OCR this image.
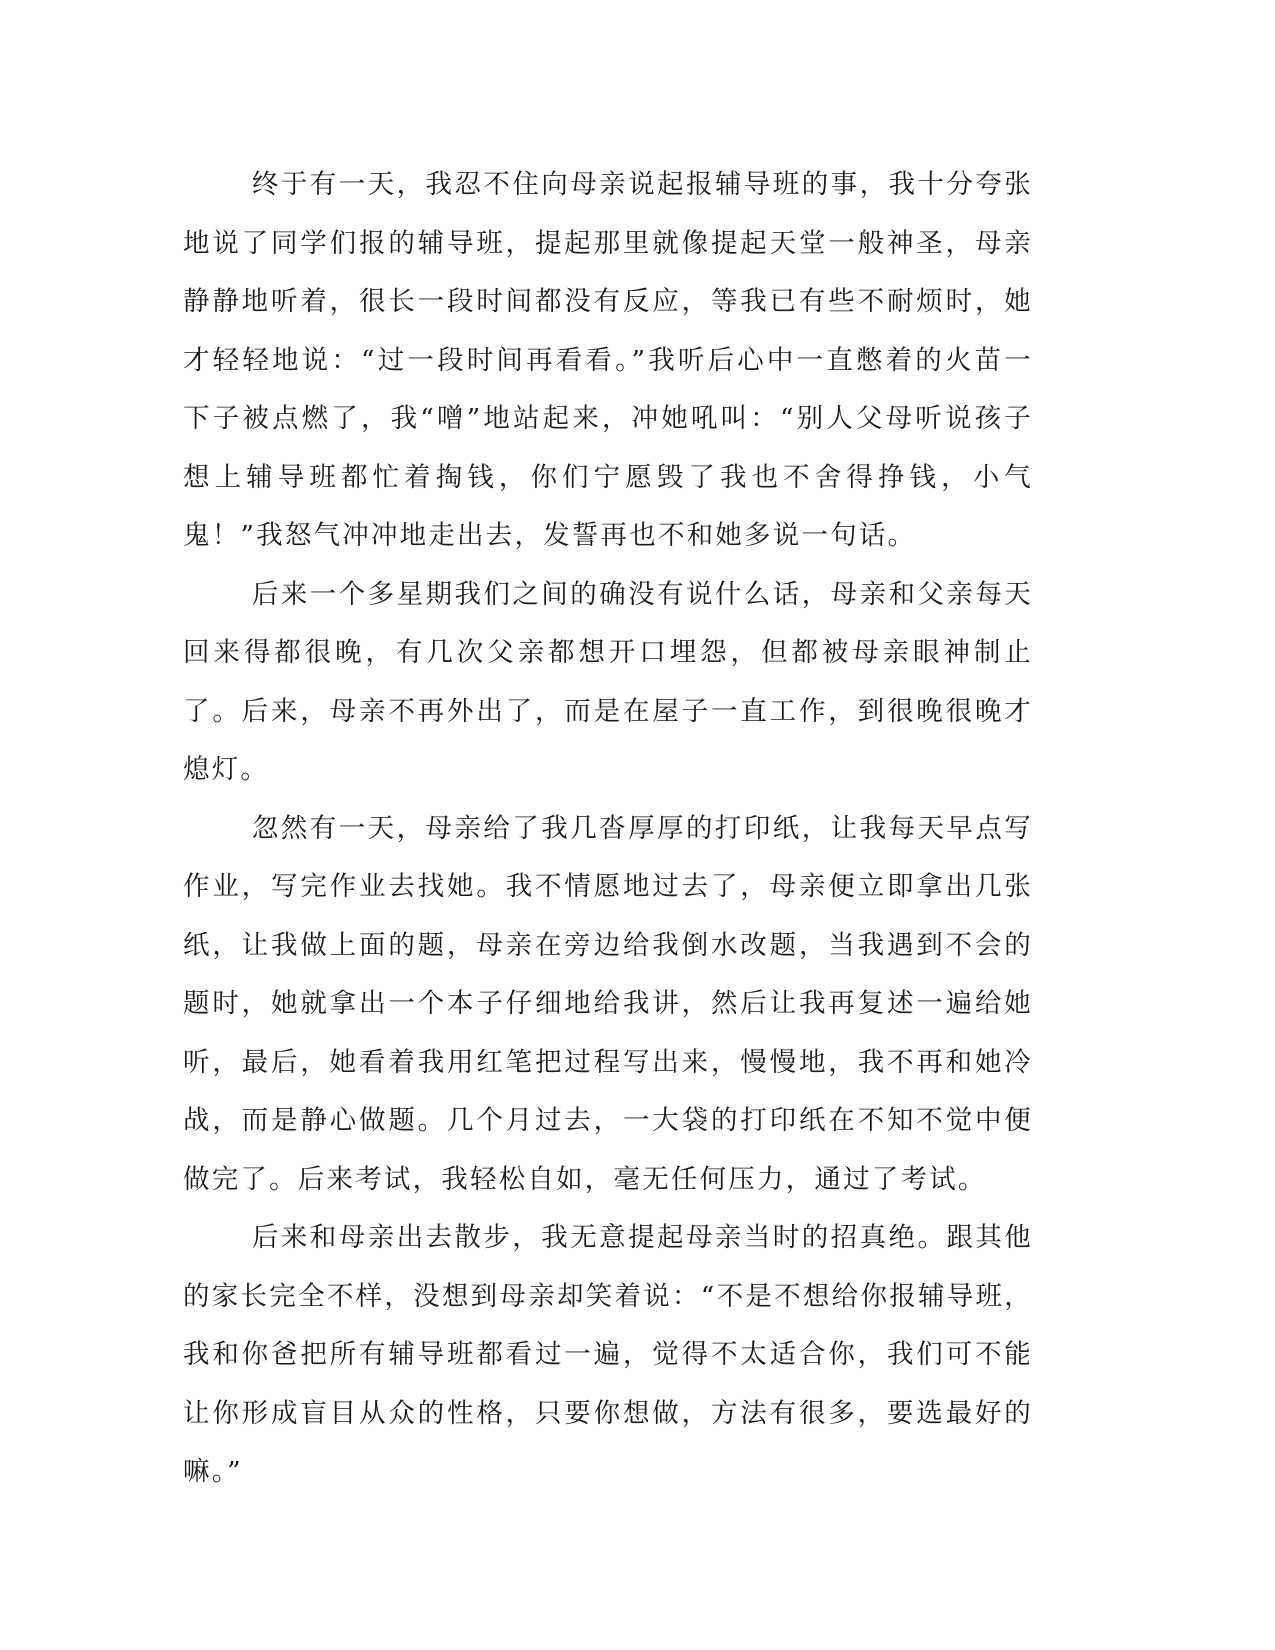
终于有一天，我忍不住向母亲说起报辅导班的事，我十分夸张地说了同学们报的辅导班，提起那里就像提起天堂一般神圣，母亲静静地听着，很长一段时间都没有反应，等我已有些不耐烦时，她才轻轻地说：“过一段时间再看看。”我听后心中一直憋着的火苗一下子被点燃了，我“噌”地站起来，冲她吼叫：“别人父母听说孩子想上辅导班都忙着掏钱，你们宁愿毁了我也不舍得挣钱，小气鬼！”我怒气冲冲地走出去，发誓再也不和她多说一句话。

后来一个多星期我们之间的确没有说什么话，母亲和父亲每天回来得都很晚，有几次父亲都想开口埋怨，但都被母亲眼神制止了。后来，母亲不再外出了，而是在屋子一直工作，到很晚很晚才熄灯。

忽然有一天，母亲给了我几沓厚厚的打印纸，让我每天早点写作业，写完作业去找她。我不情愿地过去了，母亲便立即拿出几张纸，让我做上面的题，母亲在旁边给我倒水改题，当我遇到不会的题时，她就拿出一个本子仔细地给我讲，然后让我再复述一遍给她听，最后，她看着我用红笔把过程写出来，慢慢地，我不再和她冷战，而是静心做题。几个月过去，一大袋的打印纸在不知不觉中便做完了。后来考试，我轻松自如，毫无任何压力，通过了考试。

后来和母亲出去散步，我无意提起母亲当时的招真绝。跟其他的家长完全不样，没想到母亲却笑着说：“不是不想给你报辅导班，我和你爸把所有辅导班都看过一遍，觉得不太适合你，我们可不能让你形成盲目从众的性格，只要你想做，方法有很多，要选最好的嘛。”
